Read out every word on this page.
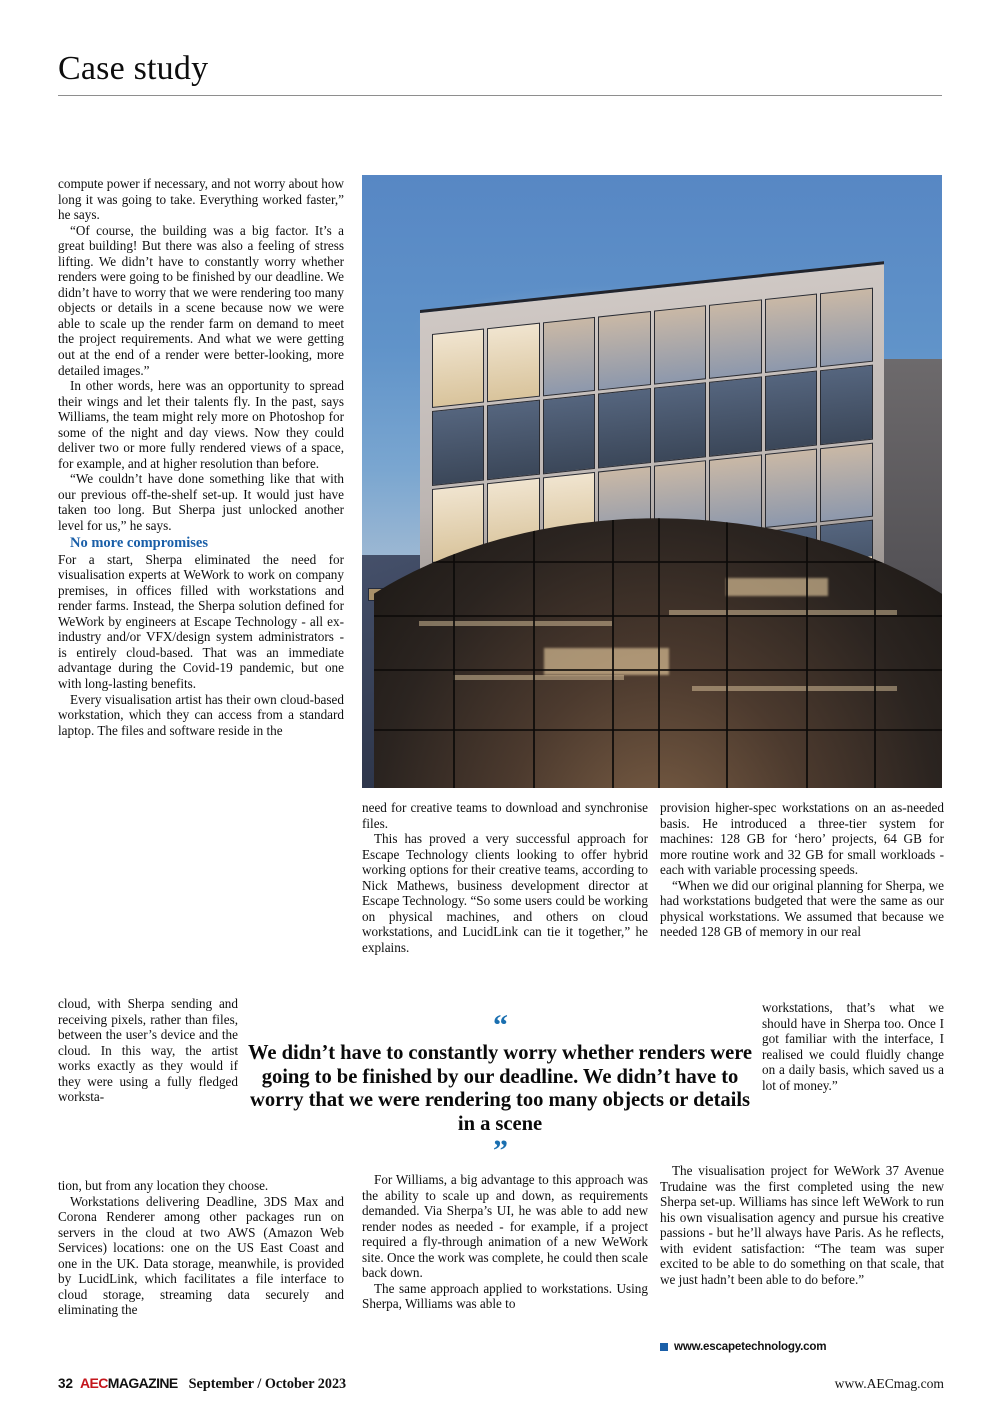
Case study

compute power if necessary, and not worry about how long it was going to take. Everything worked faster,” he says.

“Of course, the building was a big factor. It’s a great building! But there was also a feeling of stress lifting. We didn’t have to constantly worry whether renders were going to be finished by our deadline. We didn’t have to worry that we were rendering too many objects or details in a scene because now we were able to scale up the render farm on demand to meet the project requirements. And what we were getting out at the end of a render were better-looking, more detailed images.”

In other words, here was an opportunity to spread their wings and let their talents fly. In the past, says Williams, the team might rely more on Photoshop for some of the night and day views. Now they could deliver two or more fully rendered views of a space, for example, and at higher resolution than before.

“We couldn’t have done something like that with our previous off-the-shelf set-up. It would just have taken too long. But Sherpa just unlocked another level for us,” he says.

No more compromises

For a start, Sherpa eliminated the need for visualisation experts at WeWork to work on company premises, in offices filled with workstations and render farms. Instead, the Sherpa solution defined for WeWork by engineers at Escape Technology - all ex-industry and/or VFX/design system administrators - is entirely cloud-based. That was an immediate advantage during the Covid-19 pandemic, but one with long-lasting benefits.

Every visualisation artist has their own cloud-based workstation, which they can access from a standard laptop. The files and software reside in the

cloud, with Sherpa sending and receiving pixels, rather than files, between the user’s device and the cloud. In this way, the artist works exactly as they would if they were using a fully fledged worksta-

tion, but from any location they choose.

Workstations delivering Deadline, 3DS Max and Corona Renderer among other packages run on servers in the cloud at two AWS (Amazon Web Services) locations: one on the US East Coast and one in the UK. Data storage, meanwhile, is provided by LucidLink, which facilitates a file interface to cloud storage, streaming data securely and eliminating the

need for creative teams to download and synchronise files.

This has proved a very successful approach for Escape Technology clients looking to offer hybrid working options for their creative teams, according to Nick Mathews, business development director at Escape Technology. “So some users could be working on physical machines, and others on cloud workstations, and LucidLink can tie it together,” he explains.

For Williams, a big advantage to this approach was the ability to scale up and down, as requirements demanded. Via Sherpa’s UI, he was able to add new render nodes as needed - for example, if a project required a fly-through animation of a new WeWork site. Once the work was complete, he could then scale back down.

The same approach applied to workstations. Using Sherpa, Williams was able to

provision higher-spec workstations on an as-needed basis. He introduced a three-tier system for machines: 128 GB for ‘hero’ projects, 64 GB for more routine work and 32 GB for small workloads - each with variable processing speeds.

“When we did our original planning for Sherpa, we had workstations budgeted that were the same as our physical workstations. We assumed that because we needed 128 GB of memory in our real

workstations, that’s what we should have in Sherpa too. Once I got familiar with the interface, I realised we could fluidly change on a daily basis, which saved us a lot of money.”

The visualisation project for WeWork 37 Avenue Trudaine was the first completed using the new Sherpa set-up. Williams has since left WeWork to run his own visualisation agency and pursue his creative passions - but he’ll always have Paris. As he reflects, with evident satisfaction: “The team was super excited to be able to do something on that scale, that we just hadn’t been able to do before.”

“
We didn’t have to constantly worry whether renders were going to be finished by our deadline. We didn’t have to worry that we were rendering too many objects or details in a scene
”
www.escapetechnology.com
32 AECMAGAZINE September / October 2023	www.AECmag.com
